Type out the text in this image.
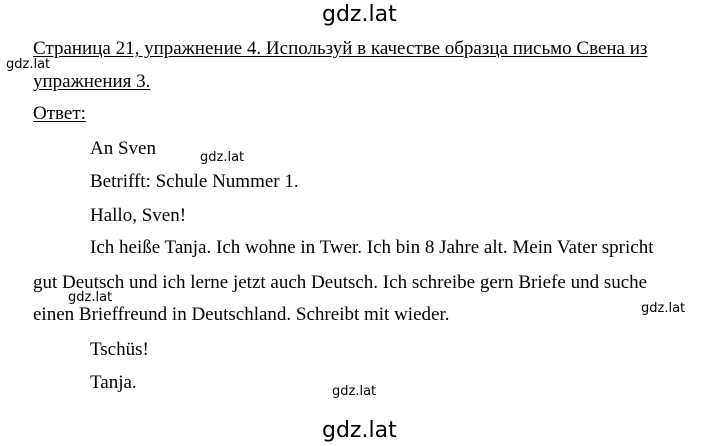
gdz.lat
gdz.lat
gdz.lat
gdz.lat
gdz.lat
gdz.lat
gdz.lat
Страница 21, упражнение 4. Используй в качестве образца письмо Свена из
упражнения 3.
Ответ:
An Sven
Betrifft: Schule Nummer 1.
Hallo, Sven!
Ich heiße Tanja. Ich wohne in Twer. Ich bin 8 Jahre alt. Mein Vater spricht
gut Deutsch und ich lerne jetzt auch Deutsch. Ich schreibe gern Briefe und suche
einen Brieffreund in Deutschland. Schreibt mit wieder.
Tschüs!
Tanja.
